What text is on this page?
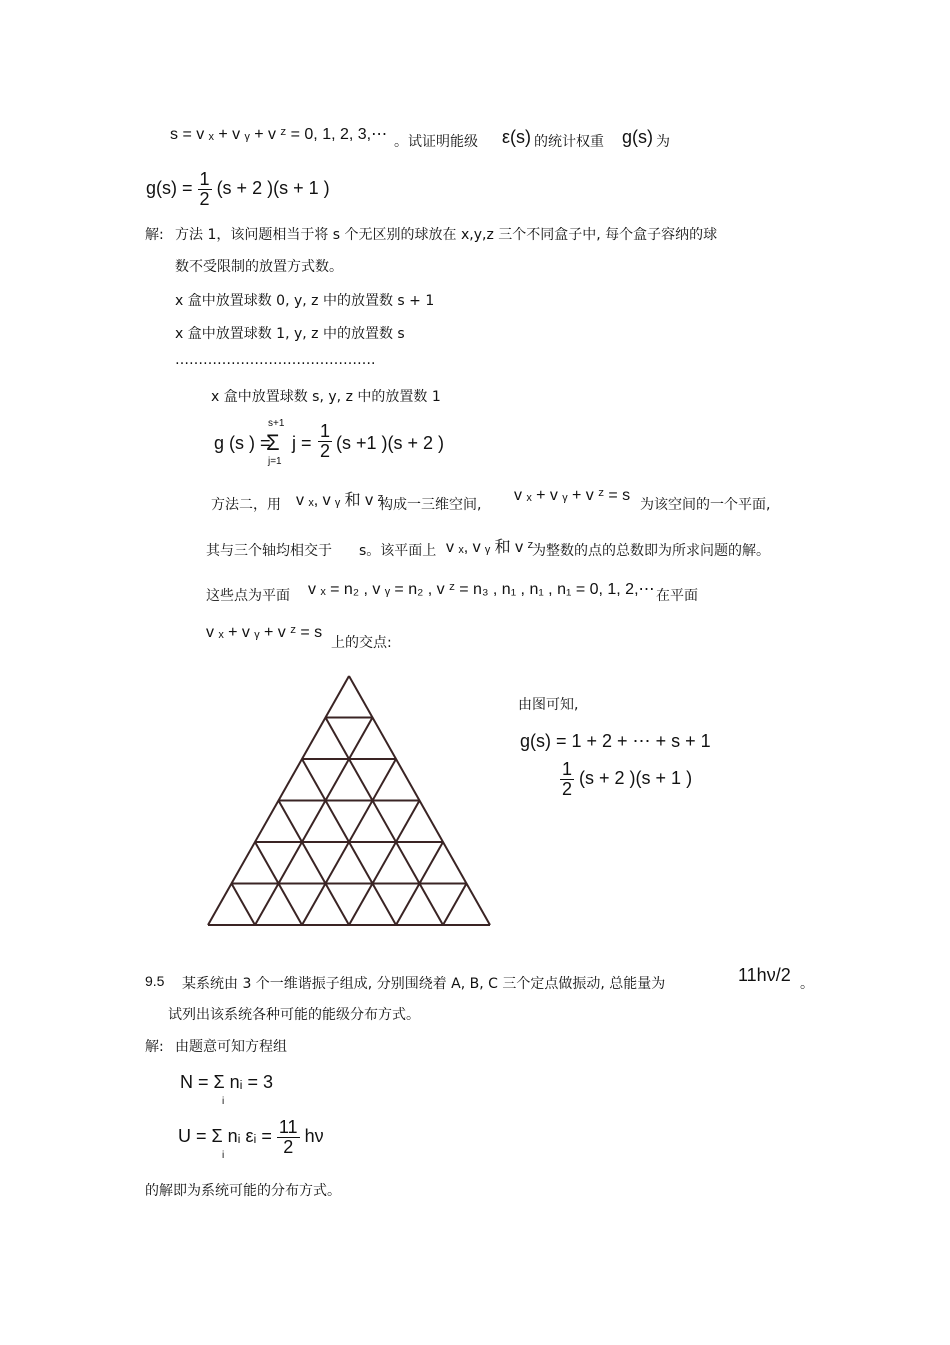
s = v ₓ + v ᵧ + v ᶻ = 0, 1, 2, 3,⋯ 。试证明能级 ε(s) 的统计权重 g(s) 为
$g(s) = \frac{1}{2} (s + 2$ )(s + 1 )
解: 方法 1，该问题相当于将 s 个无区别的球放在 x,y,z 三个不同盒子中, 每个盒子容纳的球
数不受限制的放置方式数。
x 盒中放置球数 0, y, z 中的放置数 s + 1
x 盒中放置球数 1, y, z 中的放置数 s
…………………………………….
x 盒中放置球数 s, y, z 中的放置数 1
g (s ) =
s+1
Σ
j=1
$j = \frac{1}{2} (s +1$ )(s + 2 )
方法二，用 v ₓ, v ᵧ 和 v ᶻ
构成一三维空间,
v ₓ + v ᵧ + v ᶻ = s
为该空间的一个平面,
其与三个轴均相交于 s。该平面上 v ₓ, v ᵧ 和 v ᶻ
为整数的点的总数即为所求问题的解。
这些点为平面 v ₓ = n₂ , v ᵧ = n₂ , v ᶻ = n₃ , n₁ , n₁ , n₁ = 0, 1, 2,⋯ 在平面
v ₓ + v ᵧ + v ᶻ = s
上的交点:
由图可知,
g(s) = 1 + 2 + ⋯ + s + 1
$\frac{1}{2} (s + 2$ )(s + 1 )
9.5 某系统由 3 个一维谐振子组成, 分别围绕着 A, B, C 三个定点做振动, 总能量为	11hν/2 。
试列出该系统各种可能的能级分布方式。
解: 由题意可知方程组
N = Σ nᵢ = 3
i
U = Σ nᵢ εᵢ = $\frac{11}{2}$ hν
i
的解即为系统可能的分布方式。
